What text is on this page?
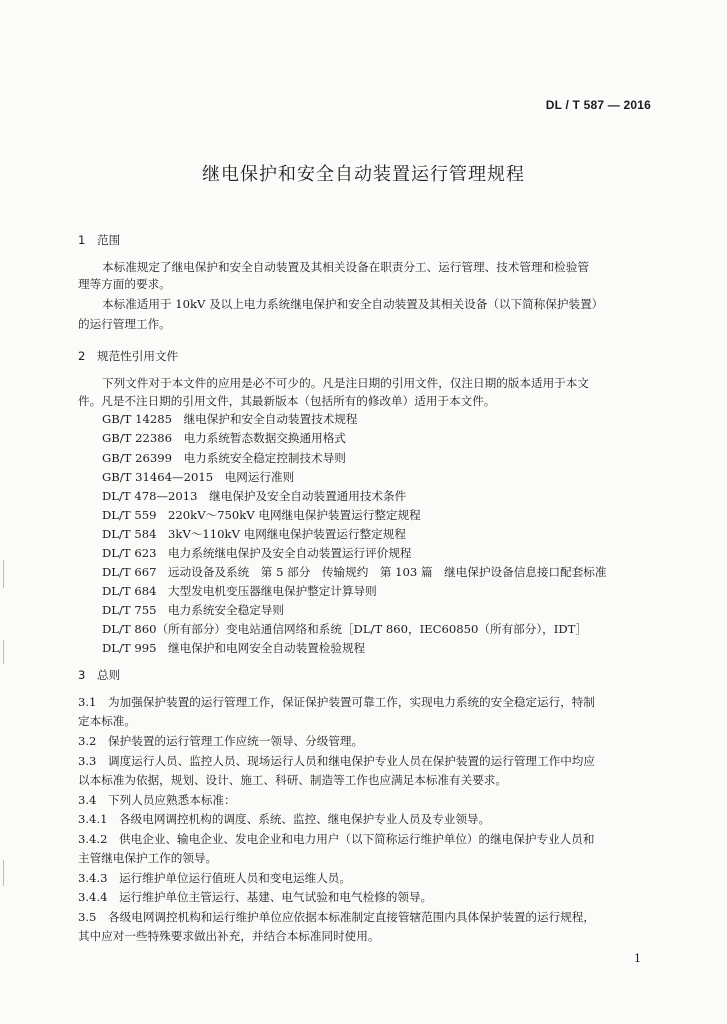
DL / T 587 — 2016
继电保护和安全自动装置运行管理规程
1　范围
本标准规定了继电保护和安全自动装置及其相关设备在职责分工、运行管理、技术管理和检验管
理等方面的要求。
本标准适用于 10kV 及以上电力系统继电保护和安全自动装置及其相关设备（以下简称保护装置）
的运行管理工作。
2　规范性引用文件
下列文件对于本文件的应用是必不可少的。凡是注日期的引用文件，仅注日期的版本适用于本文
件。凡是不注日期的引用文件，其最新版本（包括所有的修改单）适用于本文件。
GB/T 14285　继电保护和安全自动装置技术规程
GB/T 22386　电力系统暂态数据交换通用格式
GB/T 26399　电力系统安全稳定控制技术导则
GB/T 31464—2015　电网运行准则
DL/T 478—2013　继电保护及安全自动装置通用技术条件
DL/T 559　220kV～750kV 电网继电保护装置运行整定规程
DL/T 584　3kV～110kV 电网继电保护装置运行整定规程
DL/T 623　电力系统继电保护及安全自动装置运行评价规程
DL/T 667　远动设备及系统　第 5 部分　传输规约　第 103 篇　继电保护设备信息接口配套标准
DL/T 684　大型发电机变压器继电保护整定计算导则
DL/T 755　电力系统安全稳定导则
DL/T 860（所有部分）变电站通信网络和系统［DL/T 860，IEC60850（所有部分），IDT］
DL/T 995　继电保护和电网安全自动装置检验规程
3　总则
3.1　为加强保护装置的运行管理工作，保证保护装置可靠工作，实现电力系统的安全稳定运行，特制
定本标准。
3.2　保护装置的运行管理工作应统一领导、分级管理。
3.3　调度运行人员、监控人员、现场运行人员和继电保护专业人员在保护装置的运行管理工作中均应
以本标准为依据，规划、设计、施工、科研、制造等工作也应满足本标准有关要求。
3.4　下列人员应熟悉本标准：
3.4.1　各级电网调控机构的调度、系统、监控、继电保护专业人员及专业领导。
3.4.2　供电企业、输电企业、发电企业和电力用户（以下简称运行维护单位）的继电保护专业人员和
主管继电保护工作的领导。
3.4.3　运行维护单位运行值班人员和变电运维人员。
3.4.4　运行维护单位主管运行、基建、电气试验和电气检修的领导。
3.5　各级电网调控机构和运行维护单位应依据本标准制定直接管辖范围内具体保护装置的运行规程，
其中应对一些特殊要求做出补充，并结合本标准同时使用。
1
